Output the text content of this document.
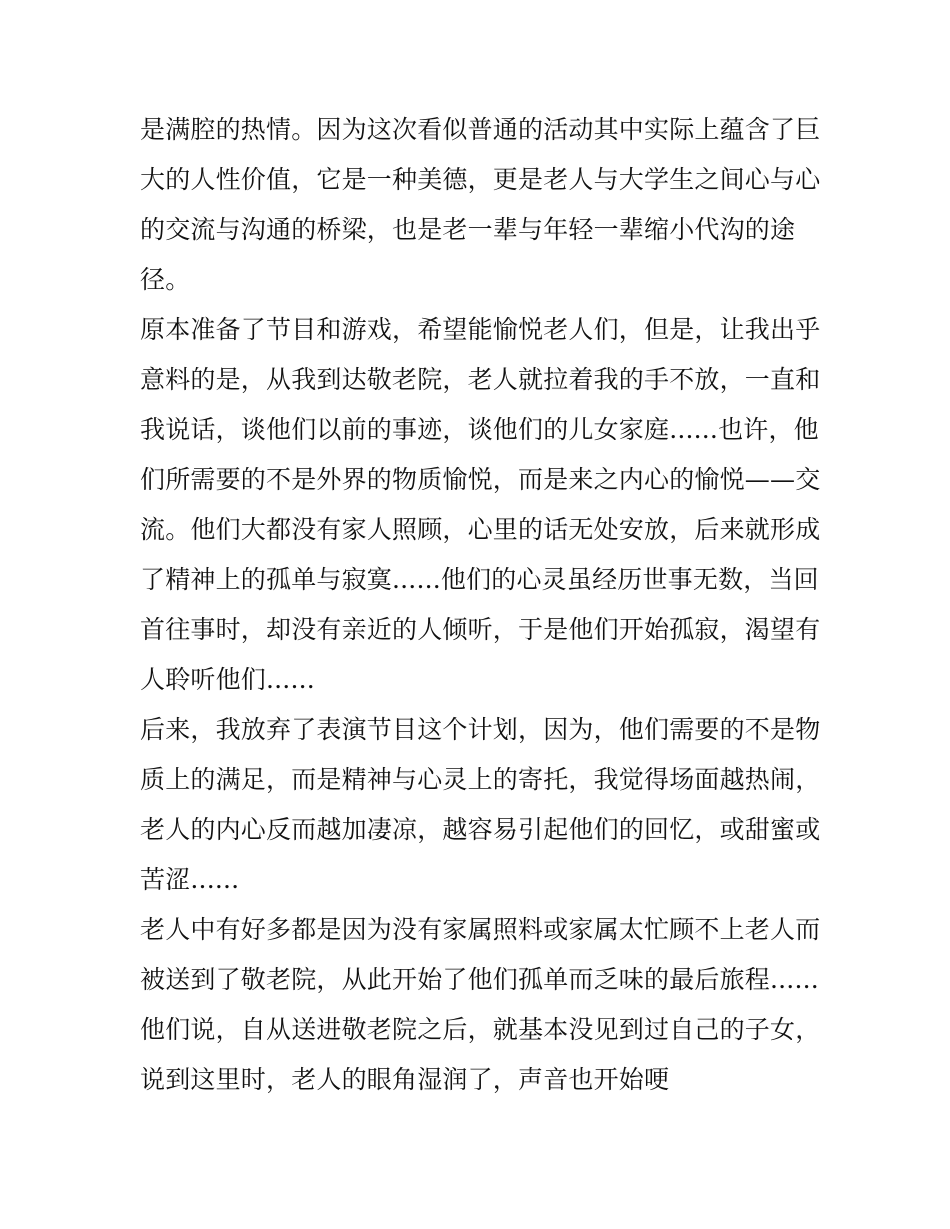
是满腔的热情。因为这次看似普通的活动其中实际上蕴含了巨
大的人性价值，它是一种美德，更是老人与大学生之间心与心
的交流与沟通的桥梁，也是老一辈与年轻一辈缩小代沟的途
径。
原本准备了节目和游戏，希望能愉悦老人们，但是，让我出乎
意料的是，从我到达敬老院，老人就拉着我的手不放，一直和
我说话，谈他们以前的事迹，谈他们的儿女家庭......也许，他
们所需要的不是外界的物质愉悦，而是来之内心的愉悦——交
流。他们大都没有家人照顾，心里的话无处安放，后来就形成
了精神上的孤单与寂寞......他们的心灵虽经历世事无数，当回
首往事时，却没有亲近的人倾听，于是他们开始孤寂，渴望有
人聆听他们......
后来，我放弃了表演节目这个计划，因为，他们需要的不是物
质上的满足，而是精神与心灵上的寄托，我觉得场面越热闹，
老人的内心反而越加凄凉，越容易引起他们的回忆，或甜蜜或
苦涩......
老人中有好多都是因为没有家属照料或家属太忙顾不上老人而
被送到了敬老院，从此开始了他们孤单而乏味的最后旅程......
他们说，自从送进敬老院之后，就基本没见到过自己的子女，
说到这里时，老人的眼角湿润了，声音也开始哽
